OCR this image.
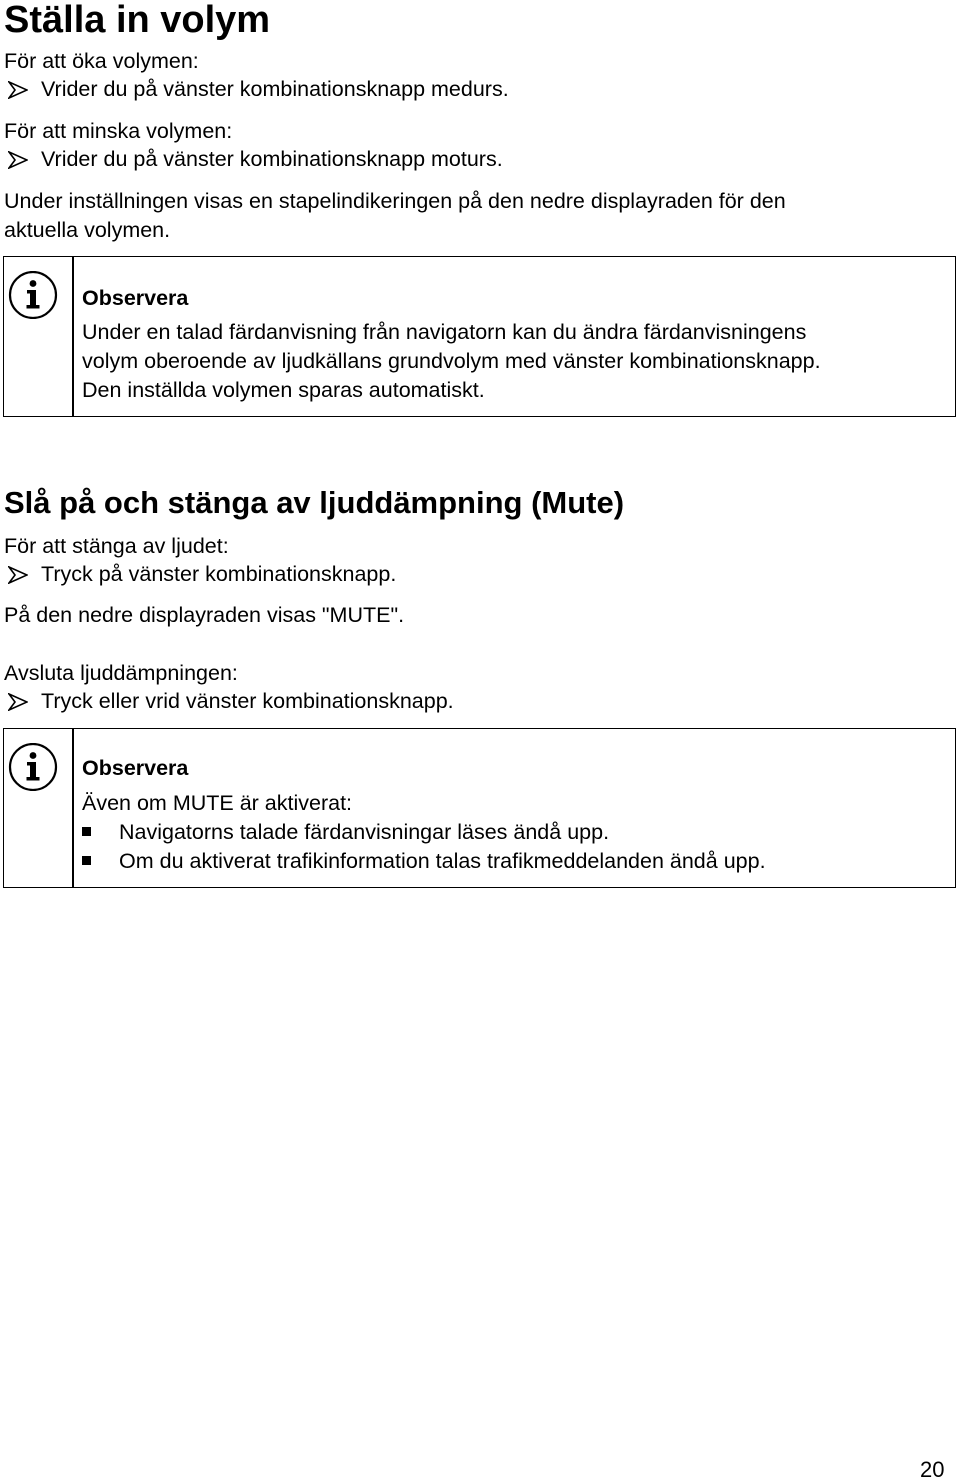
Ställa in volym
För att öka volymen:
Vrider du på vänster kombinationsknapp medurs.
För att minska volymen:
Vrider du på vänster kombinationsknapp moturs.
Under inställningen visas en stapelindikeringen på den nedre displayraden för den
aktuella volymen.
Observera
Under en talad färdanvisning från navigatorn kan du ändra färdanvisningens
volym oberoende av ljudkällans grundvolym med vänster kombinationsknapp.
Den inställda volymen sparas automatiskt.
Slå på och stänga av ljuddämpning (Mute)
För att stänga av ljudet:
Tryck på vänster kombinationsknapp.
På den nedre displayraden visas "MUTE".
Avsluta ljuddämpningen:
Tryck eller vrid vänster kombinationsknapp.
Observera
Även om MUTE är aktiverat:
Navigatorns talade färdanvisningar läses ändå upp.
Om du aktiverat trafikinformation talas trafikmeddelanden ändå upp.
20
